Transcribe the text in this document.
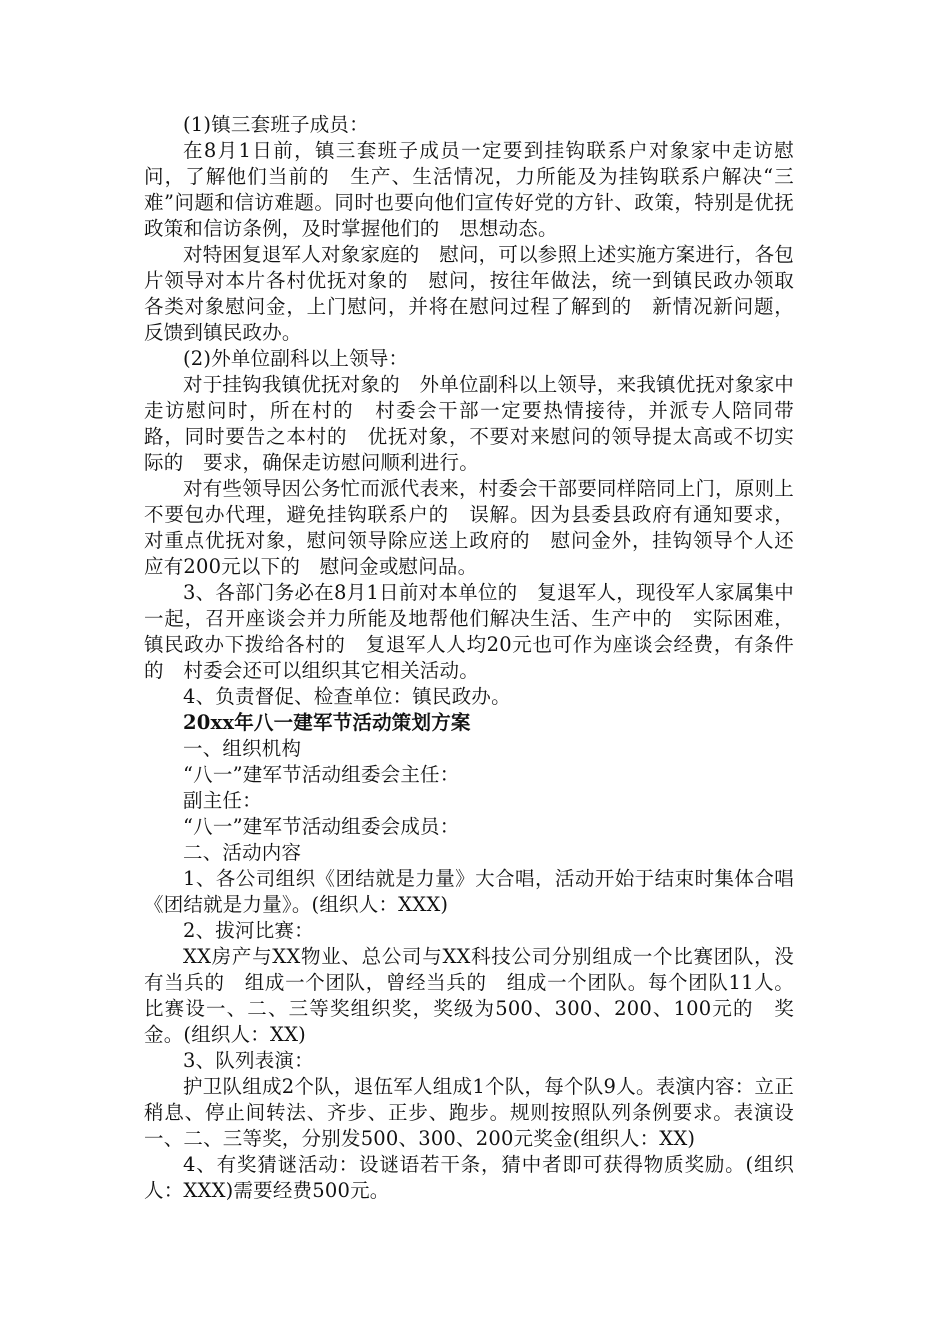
(1)镇三套班子成员：

在8月1日前，镇三套班子成员一定要到挂钩联系户对象家中走访慰问，了解他们当前的　生产、生活情况，力所能及为挂钩联系户解决“三难”问题和信访难题。同时也要向他们宣传好党的方针、政策，特别是优抚政策和信访条例，及时掌握他们的　思想动态。

对特困复退军人对象家庭的　慰问，可以参照上述实施方案进行，各包片领导对本片各村优抚对象的　慰问，按往年做法，统一到镇民政办领取各类对象慰问金，上门慰问，并将在慰问过程了解到的　新情况新问题，反馈到镇民政办。

(2)外单位副科以上领导：

对于挂钩我镇优抚对象的　外单位副科以上领导，来我镇优抚对象家中走访慰问时，所在村的　村委会干部一定要热情接待，并派专人陪同带路，同时要告之本村的　优抚对象，不要对来慰问的领导提太高或不切实际的　要求，确保走访慰问顺利进行。

对有些领导因公务忙而派代表来，村委会干部要同样陪同上门，原则上不要包办代理，避免挂钩联系户的　误解。因为县委县政府有通知要求，对重点优抚对象，慰问领导除应送上政府的　慰问金外，挂钩领导个人还应有200元以下的　慰问金或慰问品。

3、各部门务必在8月1日前对本单位的　复退军人，现役军人家属集中一起，召开座谈会并力所能及地帮他们解决生活、生产中的　实际困难，镇民政办下拨给各村的　复退军人人均20元也可作为座谈会经费，有条件的　村委会还可以组织其它相关活动。

4、负责督促、检查单位：镇民政办。

20xx年八一建军节活动策划方案

一、组织机构

“八一”建军节活动组委会主任：

副主任：

“八一”建军节活动组委会成员：

二、活动内容

1、各公司组织《团结就是力量》大合唱，活动开始于结束时集体合唱《团结就是力量》。(组织人：XXX)

2、拔河比赛：

XX房产与XX物业、总公司与XX科技公司分别组成一个比赛团队，没有当兵的　组成一个团队，曾经当兵的　组成一个团队。每个团队11人。比赛设一、二、三等奖组织奖，奖级为500、300、200、100元的　奖金。(组织人：XX)

3、队列表演：

护卫队组成2个队，退伍军人组成1个队，每个队9人。表演内容：立正稍息、停止间转法、齐步、正步、跑步。规则按照队列条例要求。表演设一、二、三等奖，分别发500、300、200元奖金(组织人：XX)

4、有奖猜谜活动：设谜语若干条，猜中者即可获得物质奖励。(组织人：XXX)需要经费500元。
